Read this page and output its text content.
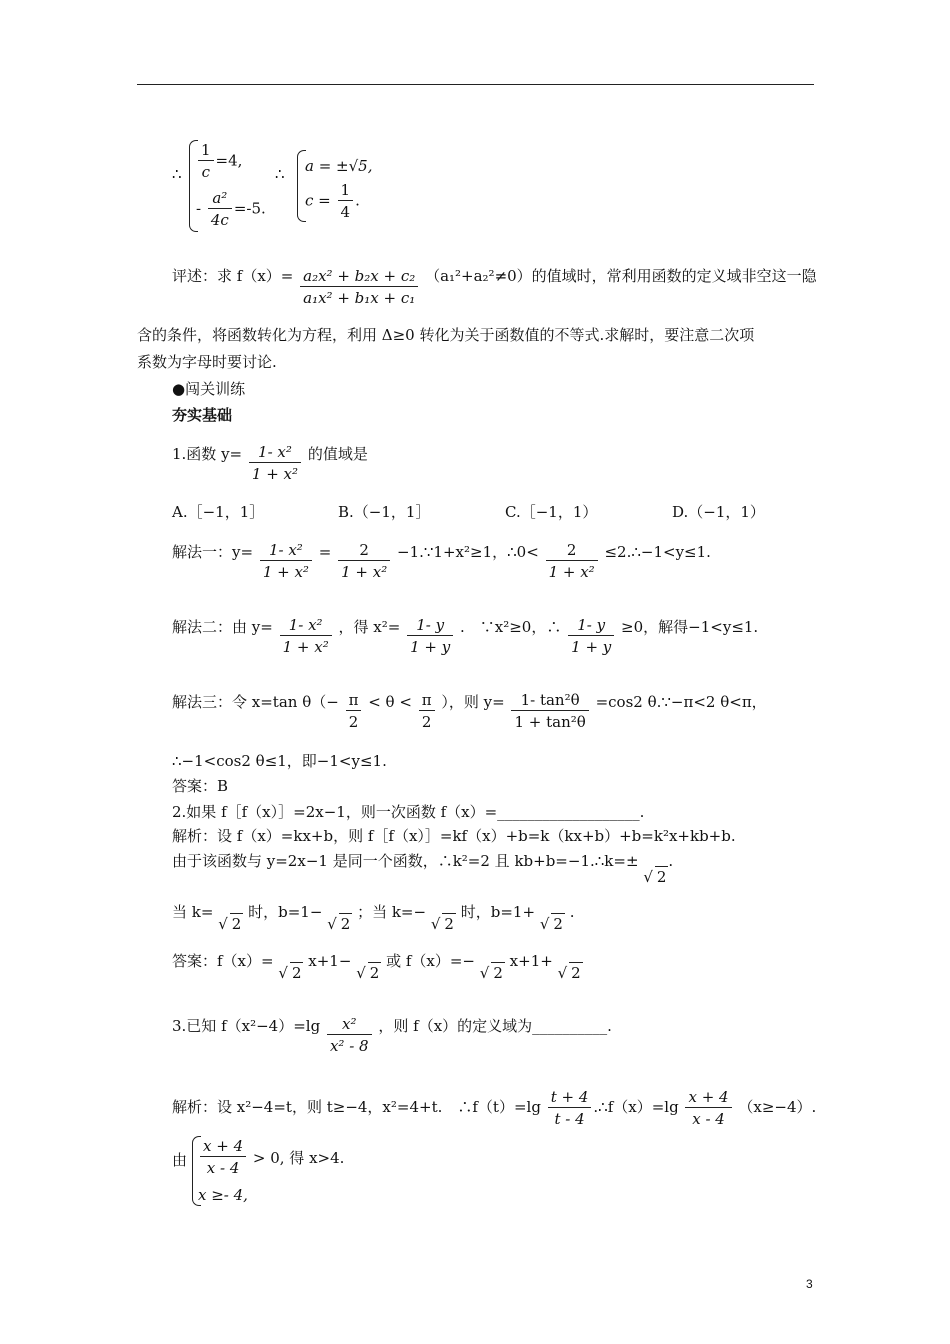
∴ $\frac{1}{c} =4$,
- $\frac{\text{a²}}{4c} =-5$.
∴ a = ±√5,
$c = \frac{1}{4}$ .
评述：求 $f(x)= \frac{\text{a₂x² + b₂x + c₂}}{\text{a₁x² + b₁x + c₁}} (a_1^2+a_2^2\ne 0)$的值域时，常利用函数的定义域非空这一隐
含的条件，将函数转化为方程，利用 Δ≥0 转化为关于函数值的不等式.求解时，要注意二次项
系数为字母时要讨论.
●闯关训练
夯实基础
1.函数 $y= \frac{\text{1- x²}}{\text{1 + x²}}$ 的值域是
A.［−1，1］	B.（−1，1］	C.［−1，1）	D.（−1，1）
解法一：$y= \frac{\text{1- x²}}{\text{1 + x²}} = \frac{2}{\text{1 + x²}}$ −1.∵1+x²≥1，∴0< $\frac{2}{\text{1 + x²}}$ ≤2.∴−1<y≤1.
解法二：由 $y= \frac{\text{1- x²}}{\text{1 + x²}}$ ，得 $x^2= \frac{1- y}{1 + y}$ .　∵x²≥0，∴ $\frac{1- y}{1 + y} \ge 0$，解得−1<y≤1.
解法三：令 x=tan $\theta(- \frac{\pi}{2} < \theta < \frac{\pi}{2}$ ），则 $y= \frac{\text{1- tan²θ}}{\text{1 + tan²θ}} =\cos 2$ θ.∵−π<2 θ<π，
∴−1<cos2 θ≤1，即−1<y≤1.
答案：B
2.如果 f［f（x）］=2x−1，则一次函数 f（x）=___________________.
解析：设 f（x）=kx+b，则 f［f（x）］=kf（x）+b=k（kx+b）+b=k²x+kb+b.
由于该函数与 y=2x−1 是同一个函数，∴k²=2 且 kb+b=−1.∴k=± √ 2.
当 k= √ 2 时，b=1− √ 2 ；当 k=− √ 2 时，b=1+ √ 2 .
答案：f（x）= √ 2 x+1− √ 2 或 f（x）=− √ 2 x+1+ √ 2
3.已知 $f(x^2-4)=\lg \frac{\text{x²}}{\text{x² - 8}}$ ，则 f（x）的定义域为__________.
解析：设 x²−4=t，则 t≥−4，x²=4+t.　∴f（t）=lg $\frac{t + 4}{t - 4}$ .∴f（x）=lg $\frac{x + 4}{x - 4} (x\ge-4)$.
由 $\frac{x + 4}{x - 4} > 0$, 得 x>4.
x ≥- 4,
3
